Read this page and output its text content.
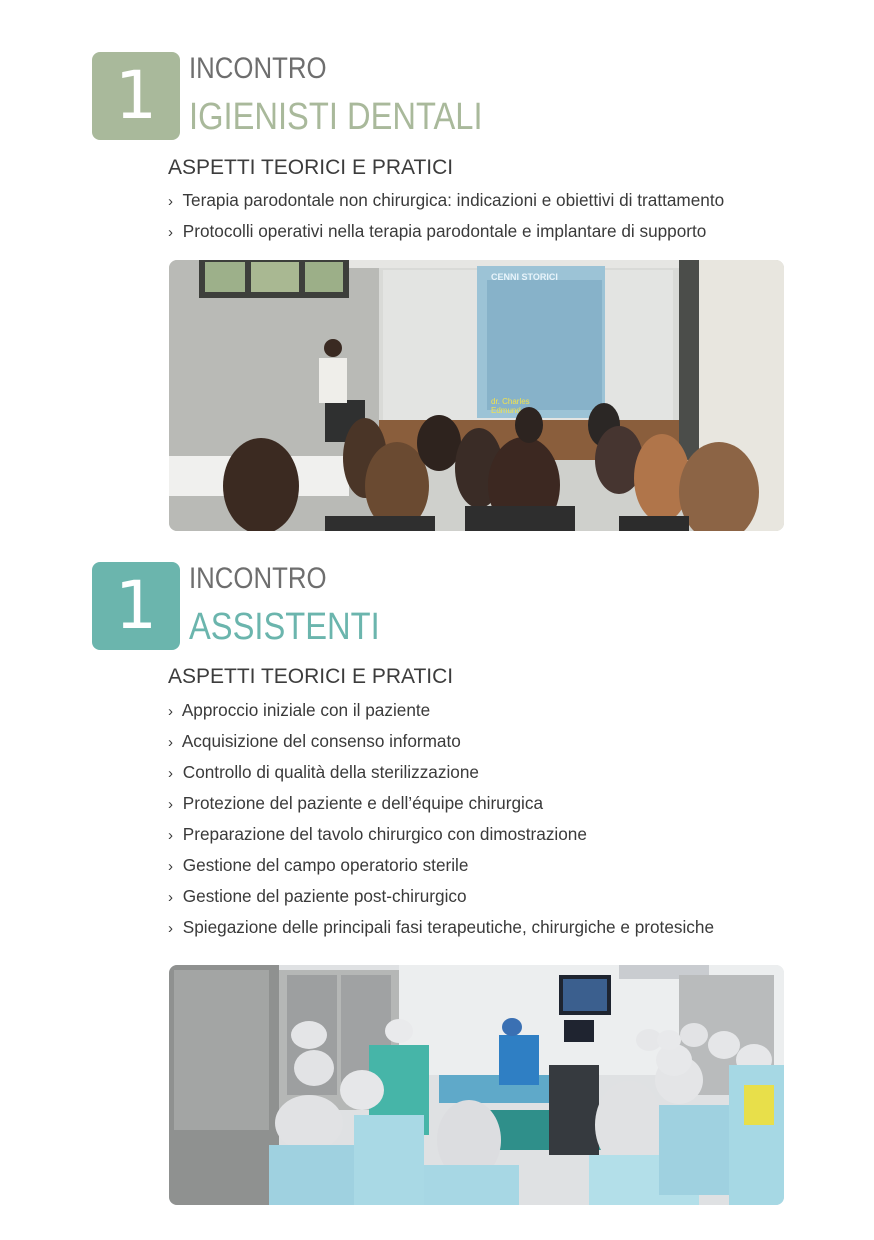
1	INCONTRO
IGIENISTI DENTALI
ASPETTI TEORICI E PRATICI
› Terapia parodontale non chirurgica: indicazioni e obiettivi di trattamento
› Protocolli operativi nella terapia parodontale e implantare di supporto
CENNI STORICI
dr. Charles
Edmund
1	INCONTRO
ASSISTENTI
ASPETTI TEORICI E PRATICI
› Approccio iniziale con il paziente
› Acquisizione del consenso informato
› Controllo di qualità della sterilizzazione
› Protezione del paziente e dell’équipe chirurgica
› Preparazione del tavolo chirurgico con dimostrazione
› Gestione del campo operatorio sterile
› Gestione del paziente post-chirurgico
› Spiegazione delle principali fasi terapeutiche, chirurgiche e protesiche
